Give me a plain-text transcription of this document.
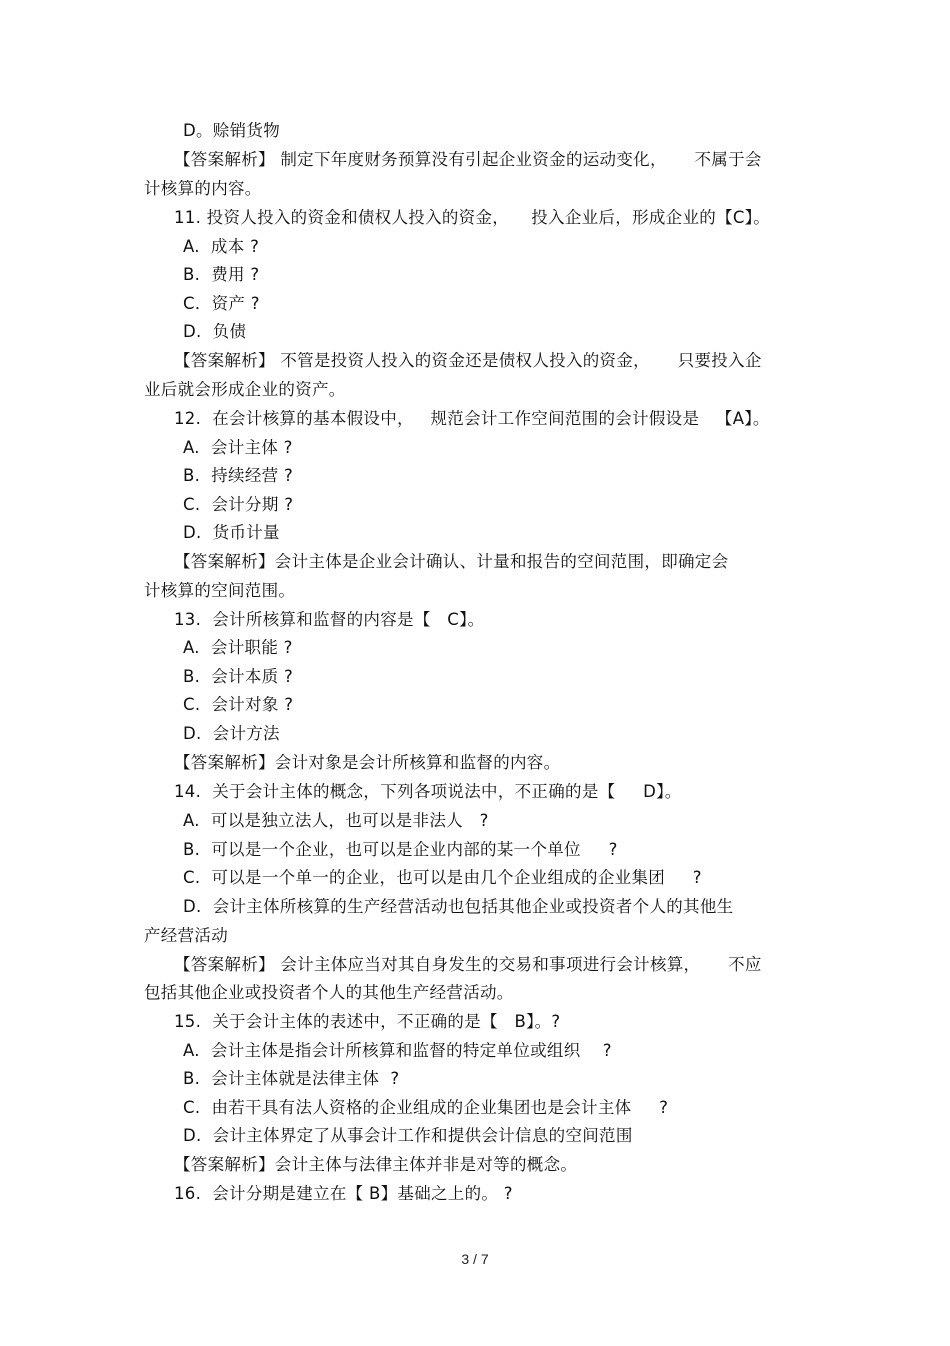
D。赊销货物
【答案解析】 制定下年度财务预算没有引起企业资金的运动变化，     不属于会
计核算的内容。
11. 投资人投入的资金和债权人投入的资金，    投入企业后，形成企业的【C】。
A.  成本 ?
B.  费用 ?
C．资产 ?
D.  负债
【答案解析】 不管是投资人投入的资金还是债权人投入的资金，     只要投入企
业后就会形成企业的资产。
12.  在会计核算的基本假设中，   规范会计工作空间范围的会计假设是   【A】。
A.  会计主体 ?
B.  持续经营 ?
C.  会计分期 ?
D.  货币计量
【答案解析】会计主体是企业会计确认、计量和报告的空间范围，即确定会
计核算的空间范围。
13.  会计所核算和监督的内容是【   C】。
A.  会计职能 ?
B.  会计本质 ?
C.  会计对象 ?
D.  会计方法
【答案解析】会计对象是会计所核算和监督的内容。
14.  关于会计主体的概念，下列各项说法中，不正确的是【     D】。
A.  可以是独立法人，也可以是非法人   ?
B.  可以是一个企业，也可以是企业内部的某一个单位     ?
C.  可以是一个单一的企业，也可以是由几个企业组成的企业集团     ?
D.  会计主体所核算的生产经营活动也包括其他企业或投资者个人的其他生
产经营活动
【答案解析】 会计主体应当对其自身发生的交易和事项进行会计核算，     不应
包括其他企业或投资者个人的其他生产经营活动。
15.  关于会计主体的表述中，不正确的是【   B】。?
A.  会计主体是指会计所核算和监督的特定单位或组织    ?
B.  会计主体就是法律主体  ?
C.  由若干具有法人资格的企业组成的企业集团也是会计主体     ?
D.  会计主体界定了从事会计工作和提供会计信息的空间范围
【答案解析】会计主体与法律主体并非是对等的概念。
16.  会计分期是建立在【 B】基础之上的。 ?
3 / 7
